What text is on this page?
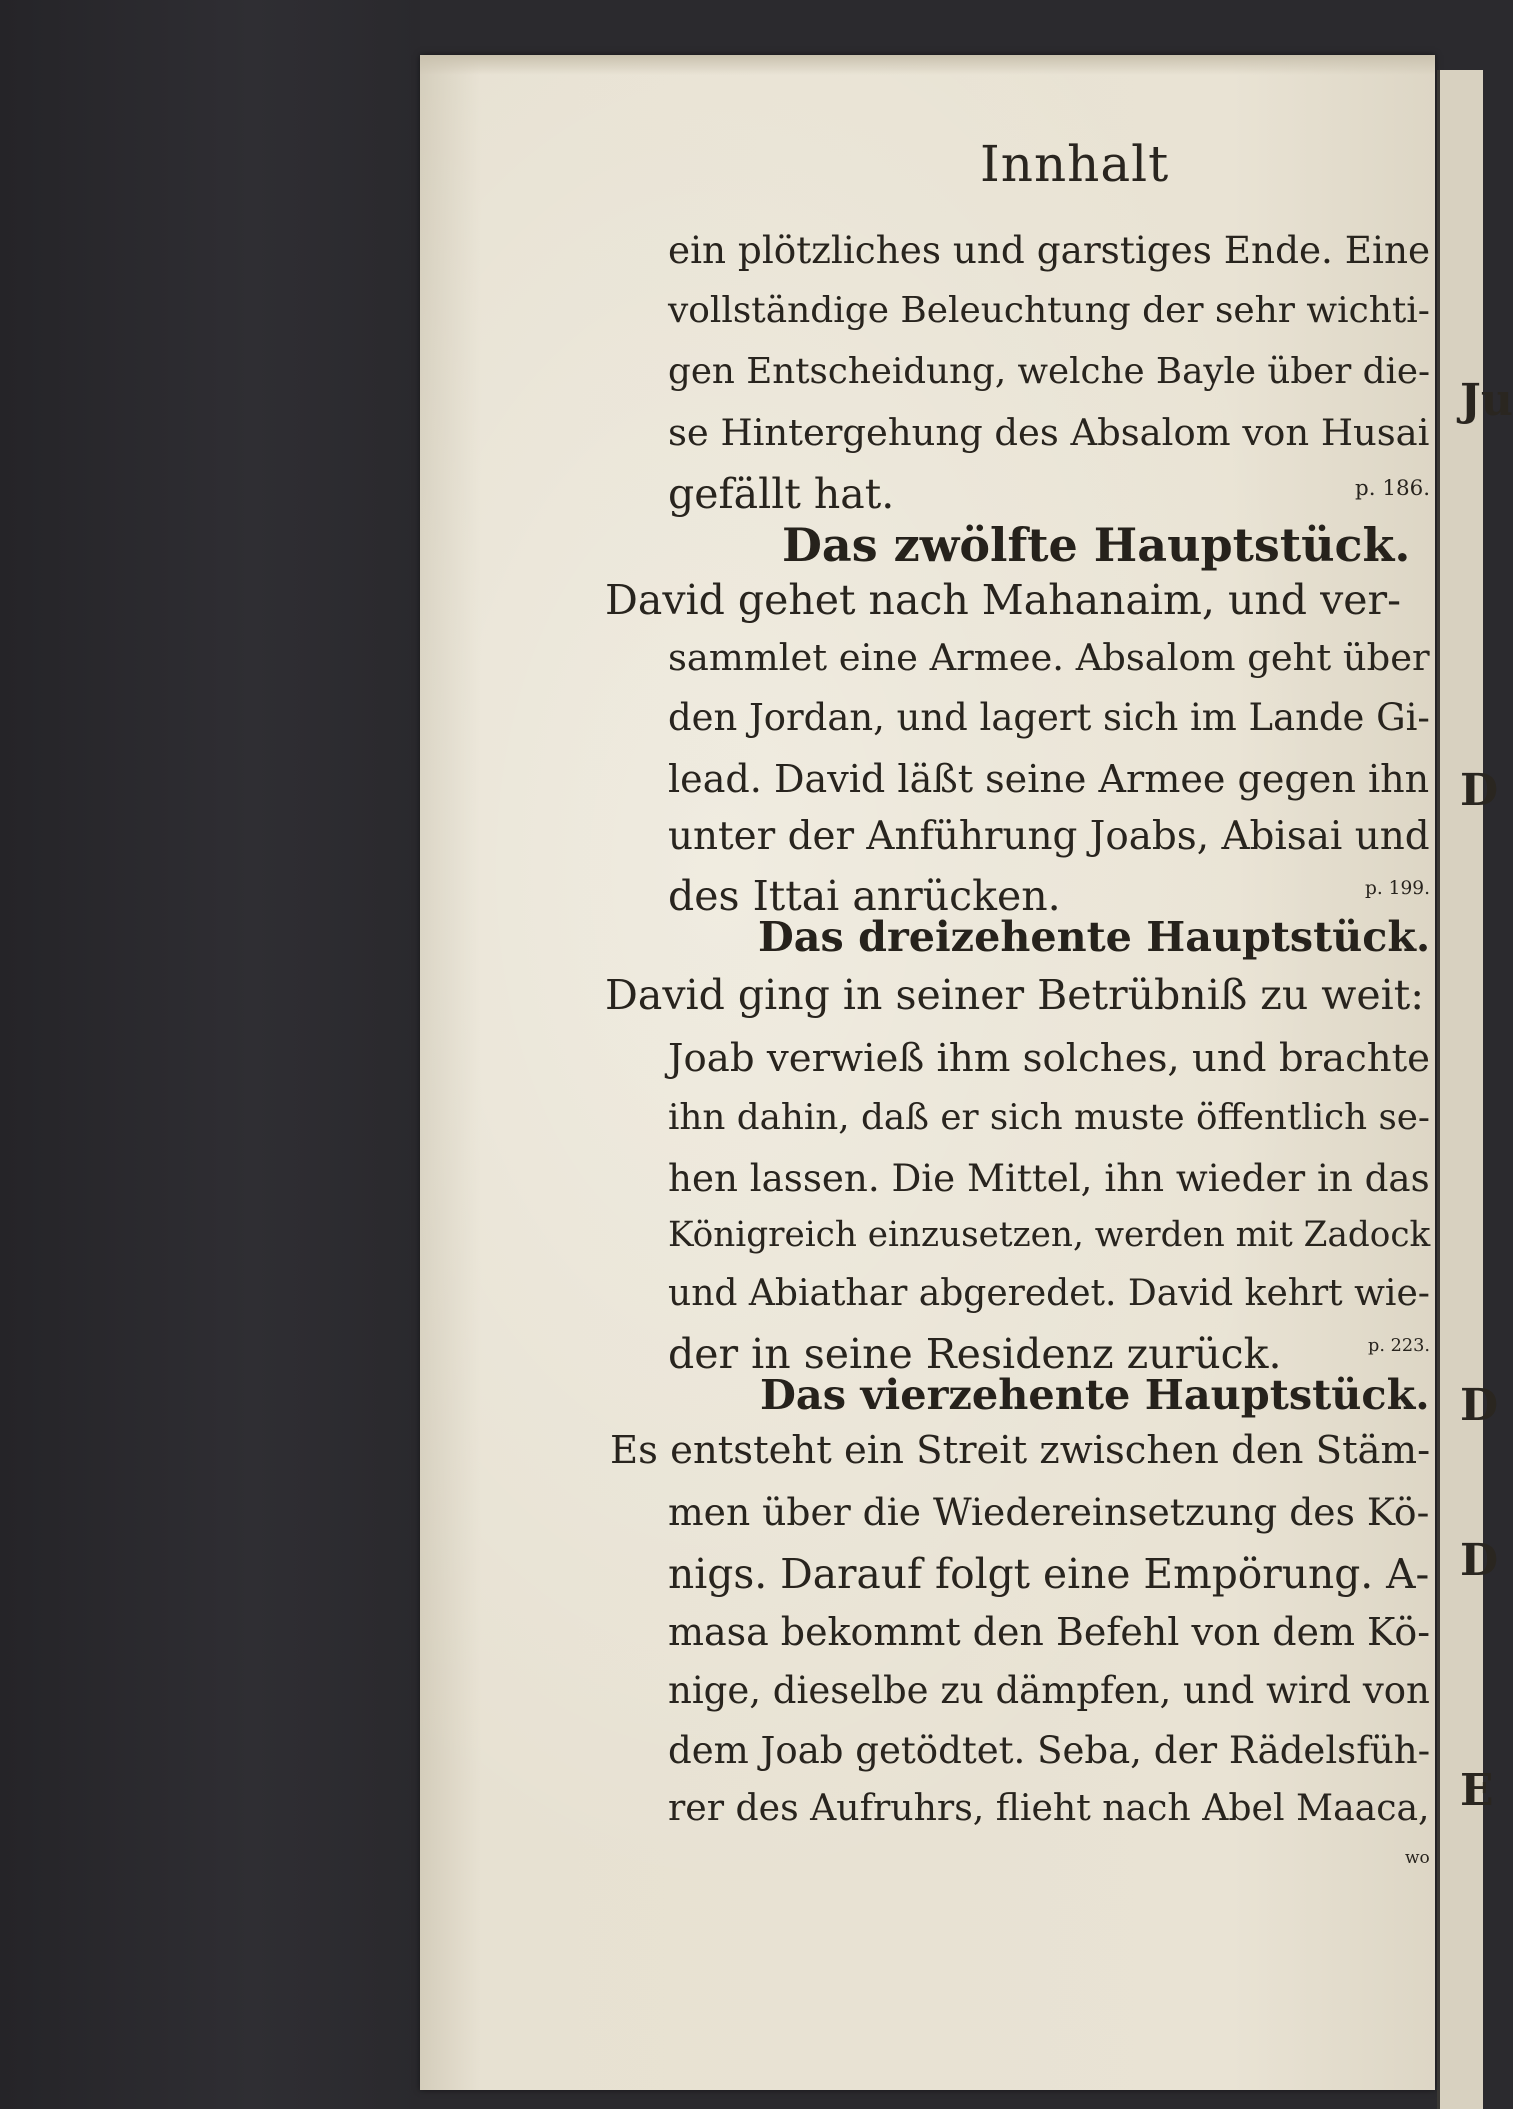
Ju
D
D
D
E
Innhalt
ein plötzliches und garstiges Ende. Eine
vollständige Beleuchtung der sehr wichti-
gen Entscheidung, welche Bayle über die-
se Hintergehung des Absalom von Husai
gefällt hat.	p. 186.
Das zwölfte Hauptstück.
David gehet nach Mahanaim, und ver-
sammlet eine Armee. Absalom geht über
den Jordan, und lagert sich im Lande Gi-
lead. David läßt seine Armee gegen ihn
unter der Anführung Joabs, Abisai und
des Ittai anrücken.	p. 199.
Das dreizehente Hauptstück.
David ging in seiner Betrübniß zu weit:
Joab verwieß ihm solches, und brachte
ihn dahin, daß er sich muste öffentlich se-
hen lassen. Die Mittel, ihn wieder in das
Königreich einzusetzen, werden mit Zadock
und Abiathar abgeredet. David kehrt wie-
der in seine Residenz zurück.	p. 223.
Das vierzehente Hauptstück.
Es entsteht ein Streit zwischen den Stäm-
men über die Wiedereinsetzung des Kö-
nigs. Darauf folgt eine Empörung. A-
masa bekommt den Befehl von dem Kö-
nige, dieselbe zu dämpfen, und wird von
dem Joab getödtet. Seba, der Rädelsfüh-
rer des Aufruhrs, flieht nach Abel Maaca,
wo
